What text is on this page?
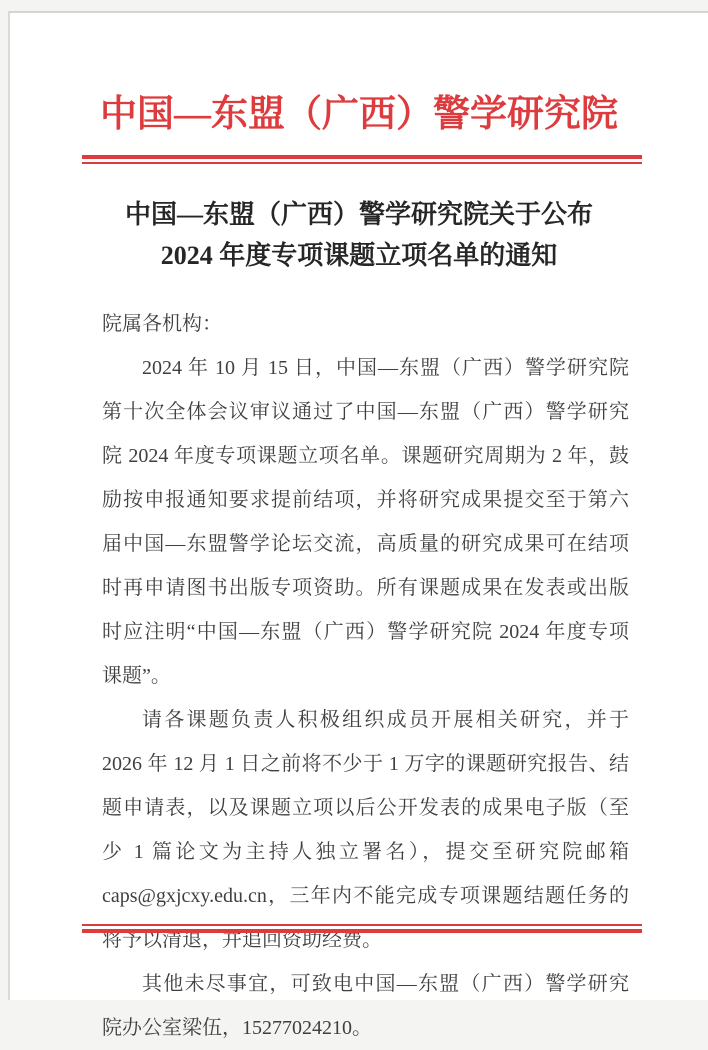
中国—东盟（广西）警学研究院
中国—东盟（广西）警学研究院关于公布
2024 年度专项课题立项名单的通知
院属各机构：
2024 年 10 月 15 日，中国—东盟（广西）警学研究院
第十次全体会议审议通过了中国—东盟（广西）警学研究
院 2024 年度专项课题立项名单。课题研究周期为 2 年，鼓
励按申报通知要求提前结项，并将研究成果提交至于第六
届中国—东盟警学论坛交流，高质量的研究成果可在结项
时再申请图书出版专项资助。所有课题成果在发表或出版
时应注明“中国—东盟（广西）警学研究院 2024 年度专项
课题”。
请各课题负责人积极组织成员开展相关研究，并于
2026 年 12 月 1 日之前将不少于 1 万字的课题研究报告、结
题申请表，以及课题立项以后公开发表的成果电子版（至
少 1 篇论文为主持人独立署名），提交至研究院邮箱
caps@gxjcxy.edu.cn，三年内不能完成专项课题结题任务的
将予以清退，并追回资助经费。
其他未尽事宜，可致电中国—东盟（广西）警学研究
院办公室梁伍，15277024210。
